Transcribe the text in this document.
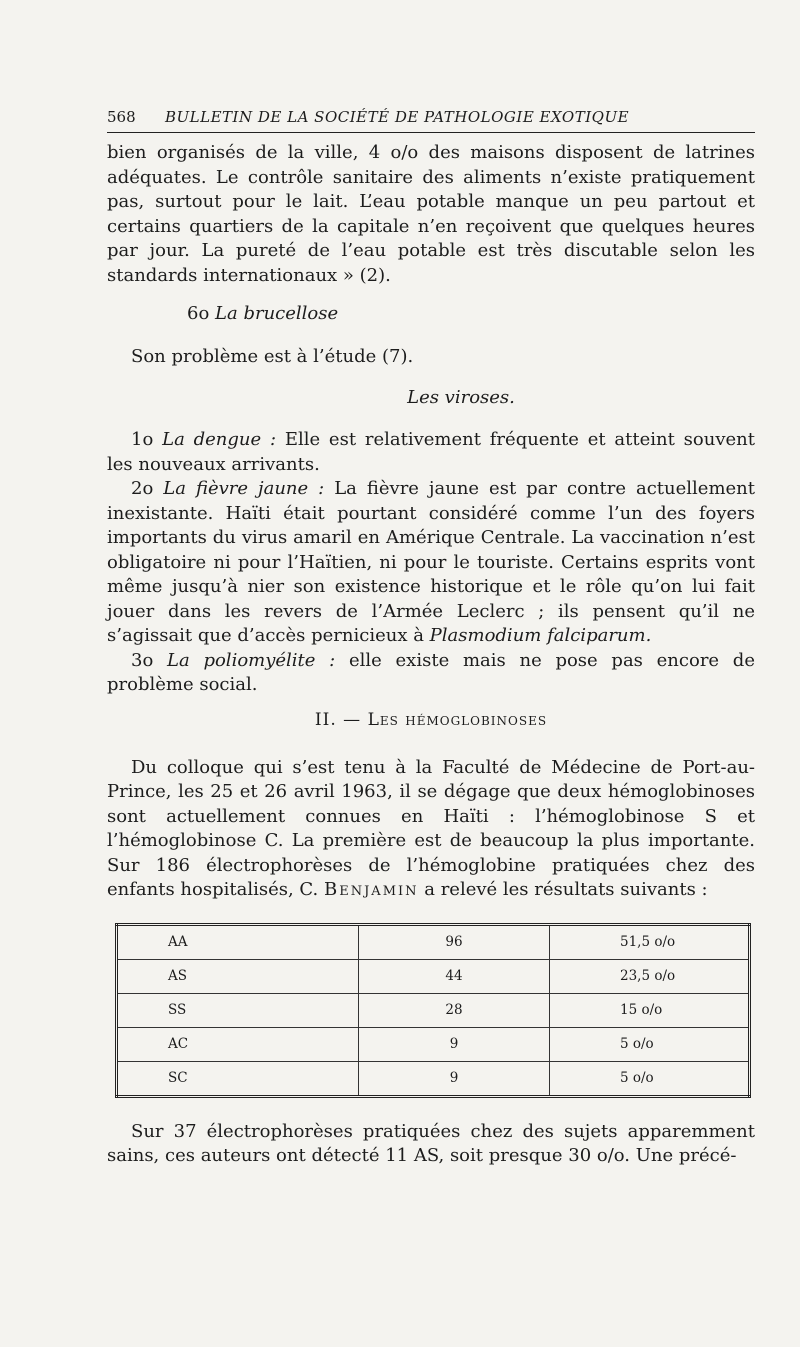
568	BULLETIN DE LA SOCIÉTÉ DE PATHOLOGIE EXOTIQUE

bien organisés de la ville, 4 o/o des maisons disposent de latrines adéquates. Le contrôle sanitaire des aliments n’existe pratiquement pas, surtout pour le lait. L’eau potable manque un peu partout et certains quartiers de la capitale n’en reçoivent que quelques heures par jour. La pureté de l’eau potable est très discutable selon les standards internationaux » (2).

6o La brucellose

Son problème est à l’étude (7).

Les viroses.

1o La dengue : Elle est relativement fréquente et atteint souvent les nouveaux arrivants.

2o La fièvre jaune : La fièvre jaune est par contre actuellement inexistante. Haïti était pourtant considéré comme l’un des foyers importants du virus amaril en Amérique Centrale. La vaccination n’est obligatoire ni pour l’Haïtien, ni pour le touriste. Certains esprits vont même jusqu’à nier son existence historique et le rôle qu’on lui fait jouer dans les revers de l’Armée Leclerc ; ils pensent qu’il ne s’agissait que d’accès pernicieux à Plasmodium falciparum.

3o La poliomyélite : elle existe mais ne pose pas encore de problème social.

II. — Les hémoglobinoses

Du colloque qui s’est tenu à la Faculté de Médecine de Port-au-Prince, les 25 et 26 avril 1963, il se dégage que deux hémoglobinoses sont actuellement connues en Haïti : l’hémoglobinose S et l’hémoglobinose C. La première est de beaucoup la plus importante. Sur 186 électrophorèses de l’hémoglobine pratiquées chez des enfants hospitalisés, C. Benjamin a relevé les résultats suivants :

AA	96	51,5 o/o
AS	44	23,5 o/o
SS	28	15 o/o
AC	9	5 o/o
SC	9	5 o/o

Sur 37 électrophorèses pratiquées chez des sujets apparemment sains, ces auteurs ont détecté 11 AS, soit presque 30 o/o. Une précé-
